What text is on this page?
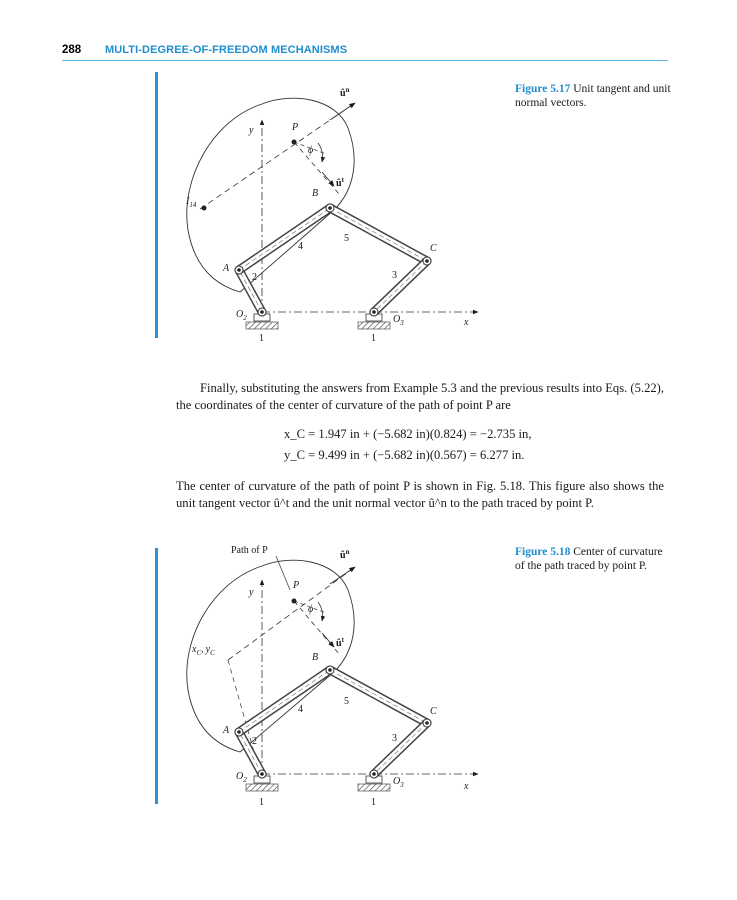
288 MULTI-DEGREE-OF-FREEDOM MECHANISMS
Figure 5.17 Unit tangent and unit normal vectors.
Figure 5.18 Center of curvature of the path traced by point P.
$û^n$
y	P
ϕ
$û^t$
B
$I_{14}$
4
5
C
A
2	3
$O_2$	$O_3$	x
1	1
Path of P	$û^n$
P
y
ϕ
$û^t$
$x_C$, $y_C$	B
4
5
C
A
2	3
$O_2$	$O_3$	x
1	1
Finally, substituting the answers from Example 5.3 and the previous results into Eqs. (5.22), the coordinates of the center of curvature of the path of point P are
x_C = 1.947 in + (−5.682 in)(0.824) = −2.735 in,
y_C = 9.499 in + (−5.682 in)(0.567) = 6.277 in.
The center of curvature of the path of point P is shown in Fig. 5.18. This figure also shows the unit tangent vector û^t and the unit normal vector û^n to the path traced by point P.
